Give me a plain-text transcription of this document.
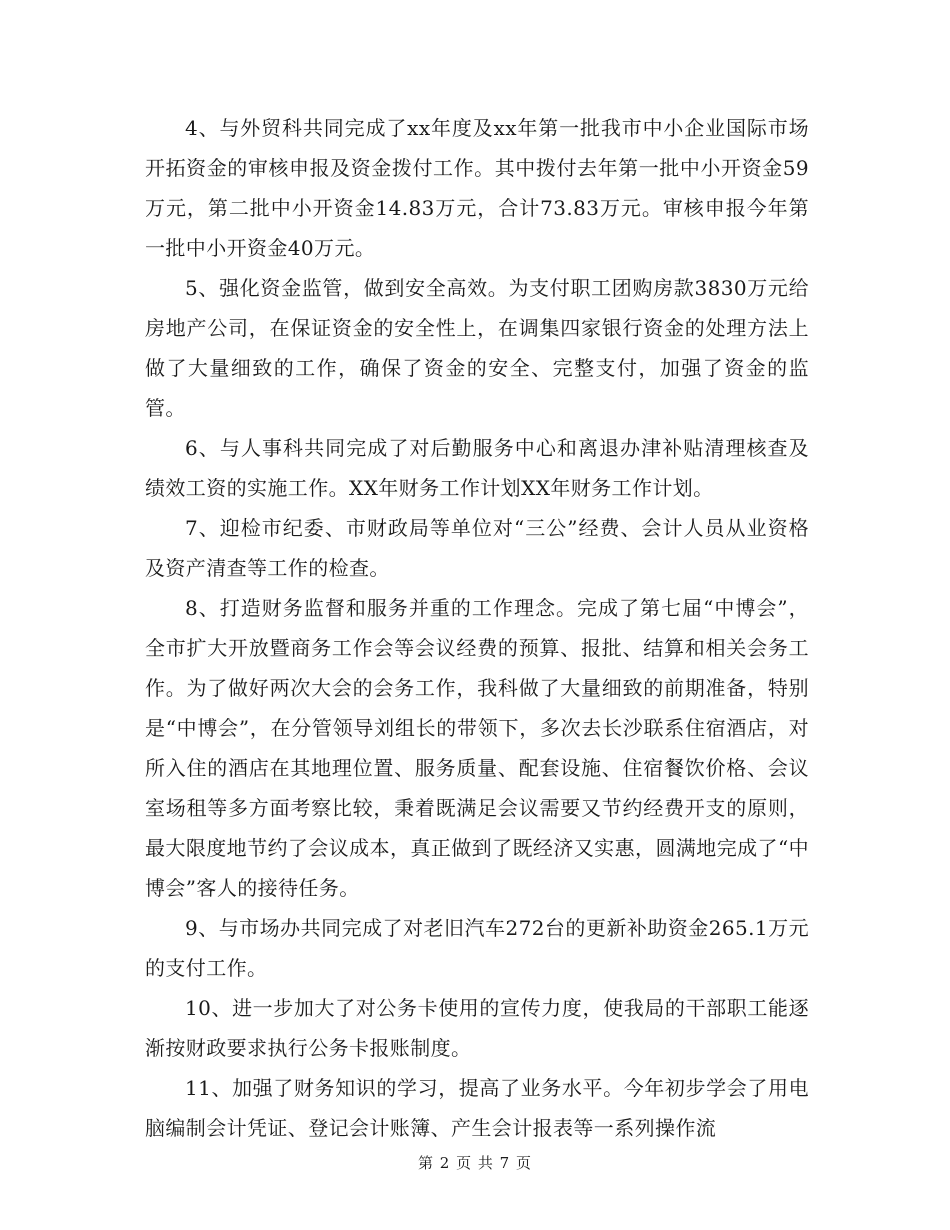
4、与外贸科共同完成了xx年度及xx年第一批我市中小企业国际市场开拓资金的审核申报及资金拨付工作。其中拨付去年第一批中小开资金59万元，第二批中小开资金14.83万元，合计73.83万元。审核申报今年第一批中小开资金40万元。

5、强化资金监管，做到安全高效。为支付职工团购房款3830万元给房地产公司，在保证资金的安全性上，在调集四家银行资金的处理方法上做了大量细致的工作，确保了资金的安全、完整支付，加强了资金的监管。

6、与人事科共同完成了对后勤服务中心和离退办津补贴清理核查及绩效工资的实施工作。XX年财务工作计划XX年财务工作计划。

7、迎检市纪委、市财政局等单位对“三公”经费、会计人员从业资格及资产清查等工作的检查。

8、打造财务监督和服务并重的工作理念。完成了第七届“中博会”，全市扩大开放暨商务工作会等会议经费的预算、报批、结算和相关会务工作。为了做好两次大会的会务工作，我科做了大量细致的前期准备，特别是“中博会”，在分管领导刘组长的带领下，多次去长沙联系住宿酒店，对所入住的酒店在其地理位置、服务质量、配套设施、住宿餐饮价格、会议室场租等多方面考察比较，秉着既满足会议需要又节约经费开支的原则，最大限度地节约了会议成本，真正做到了既经济又实惠，圆满地完成了“中博会”客人的接待任务。

9、与市场办共同完成了对老旧汽车272台的更新补助资金265.1万元的支付工作。

10、进一步加大了对公务卡使用的宣传力度，使我局的干部职工能逐渐按财政要求执行公务卡报账制度。

11、加强了财务知识的学习，提高了业务水平。今年初步学会了用电脑编制会计凭证、登记会计账簿、产生会计报表等一系列操作流

第 2 页 共 7 页
